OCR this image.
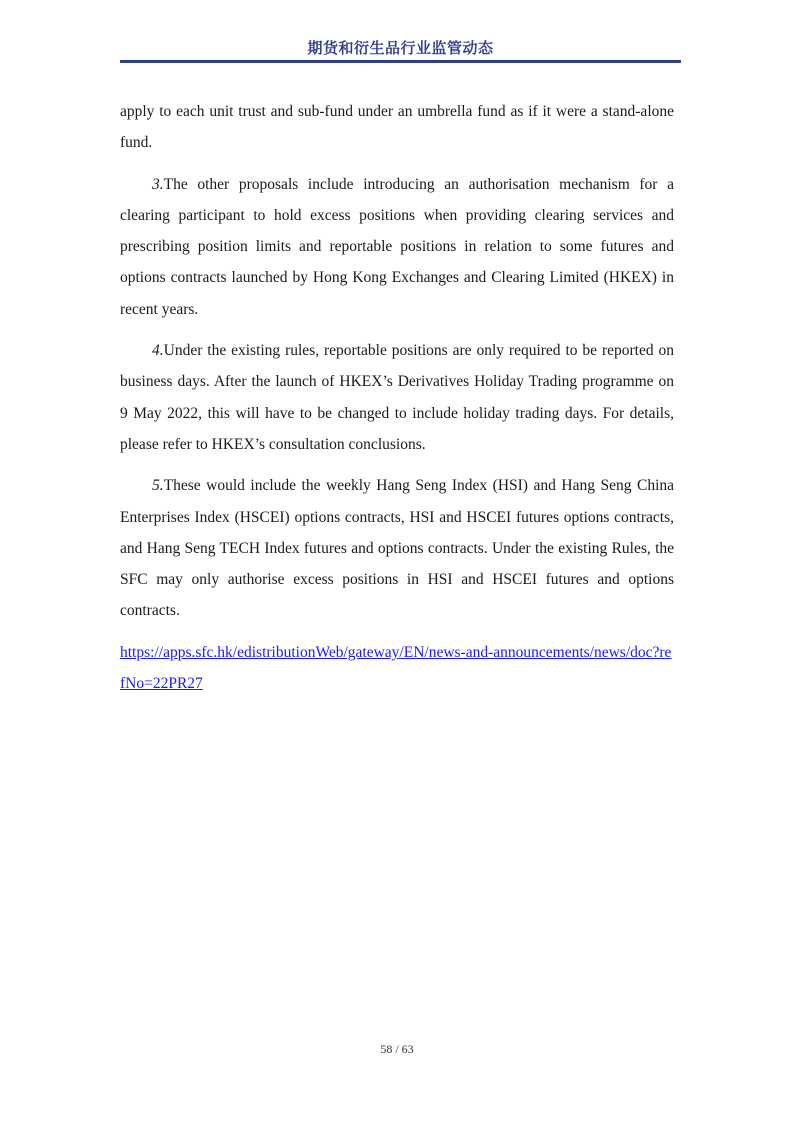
期货和衍生品行业监管动态

apply to each unit trust and sub-fund under an umbrella fund as if it were a stand-alone fund.

3.The other proposals include introducing an authorisation mechanism for a clearing participant to hold excess positions when providing clearing services and prescribing position limits and reportable positions in relation to some futures and options contracts launched by Hong Kong Exchanges and Clearing Limited (HKEX) in recent years.

4.Under the existing rules, reportable positions are only required to be reported on business days. After the launch of HKEX’s Derivatives Holiday Trading programme on 9 May 2022, this will have to be changed to include holiday trading days. For details, please refer to HKEX’s consultation conclusions.

5.These would include the weekly Hang Seng Index (HSI) and Hang Seng China Enterprises Index (HSCEI) options contracts, HSI and HSCEI futures options contracts, and Hang Seng TECH Index futures and options contracts. Under the existing Rules, the SFC may only authorise excess positions in HSI and HSCEI futures and options contracts.

https://apps.sfc.hk/edistributionWeb/gateway/EN/news-and-announcements/news/doc?refNo=22PR27
58 / 63
